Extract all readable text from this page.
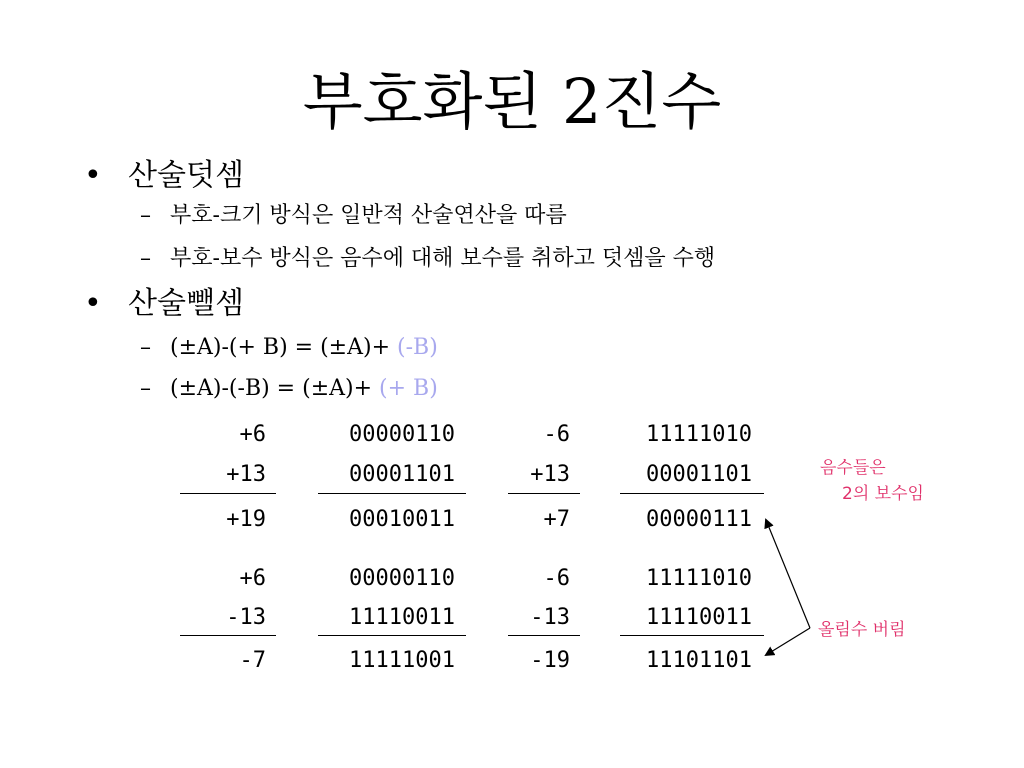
부호화된 2진수
• 산술덧셈
– 부호-크기 방식은 일반적 산술연산을 따름
– 부호-보수 방식은 음수에 대해 보수를 취하고 덧셈을 수행
• 산술뺄셈
– (±A)-(+ B) = (±A)+ (-B)
– (±A)-(-B) = (±A)+ (+ B)
+6	00000110	-6	11111010
+13	00001101	+13	00001101
+19	00010011	+7	00000111
+6	00000110	-6	11111010
-13	11110011	-13	11110011
-7	11111001	-19	11101101
음수들은
2의 보수임
올림수 버림
